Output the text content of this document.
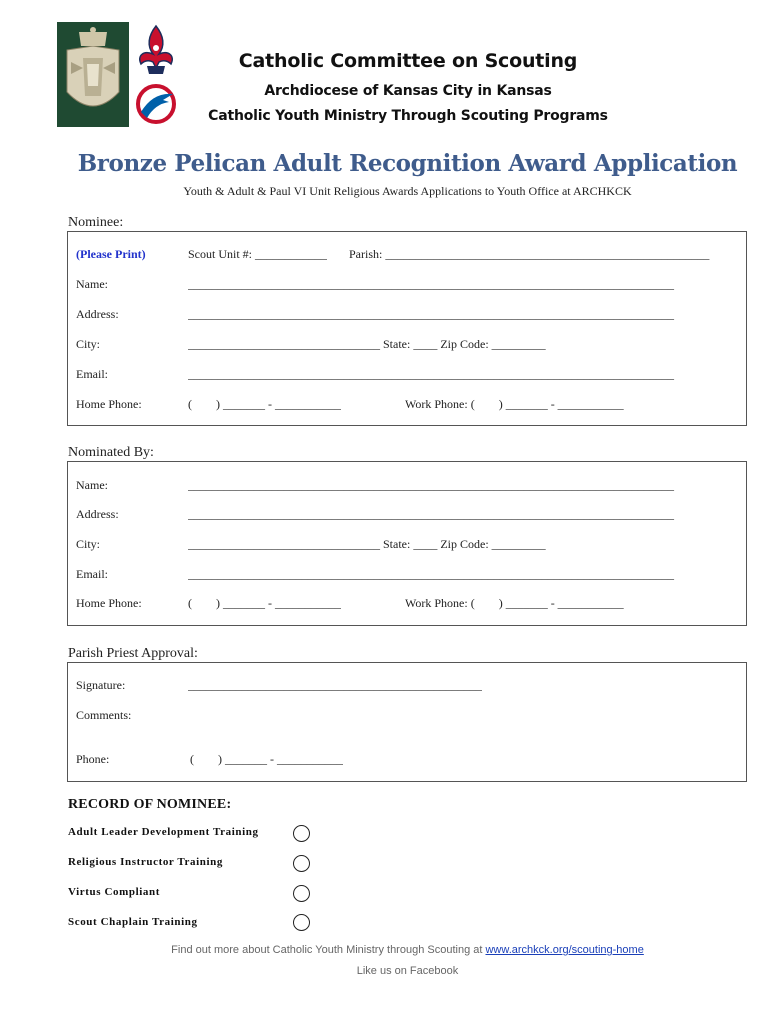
Catholic Committee on Scouting
Archdiocese of Kansas City in Kansas
Catholic Youth Ministry Through Scouting Programs
Bronze Pelican Adult Recognition Award Application
Youth & Adult & Paul VI Unit Religious Awards Applications to Youth Office at ARCHKCK
Nominee:
(Please Print)	Scout Unit #: ____________ Parish: ______________________________________________________
Name:	_________________________________________________________________________________
Address:	_________________________________________________________________________________
City:	________________________________ State: ____ Zip Code: _________
Email:	_________________________________________________________________________________
Home Phone:	(        ) _______ - ___________	Work Phone: (        ) _______ - ___________
Nominated By:
Name:	_________________________________________________________________________________
Address:	_________________________________________________________________________________
City:	________________________________ State: ____ Zip Code: _________
Email:	_________________________________________________________________________________
Home Phone:	(        ) _______ - ___________	Work Phone: (        ) _______ - ___________
Parish Priest Approval:
Signature:	_________________________________________________
Comments:
Phone:	(        ) _______ - ___________
RECORD OF NOMINEE:
Adult Leader Development Training
Religious Instructor Training
Virtus Compliant
Scout Chaplain Training
Find out more about Catholic Youth Ministry through Scouting at www.archkck.org/scouting-home
Like us on Facebook
